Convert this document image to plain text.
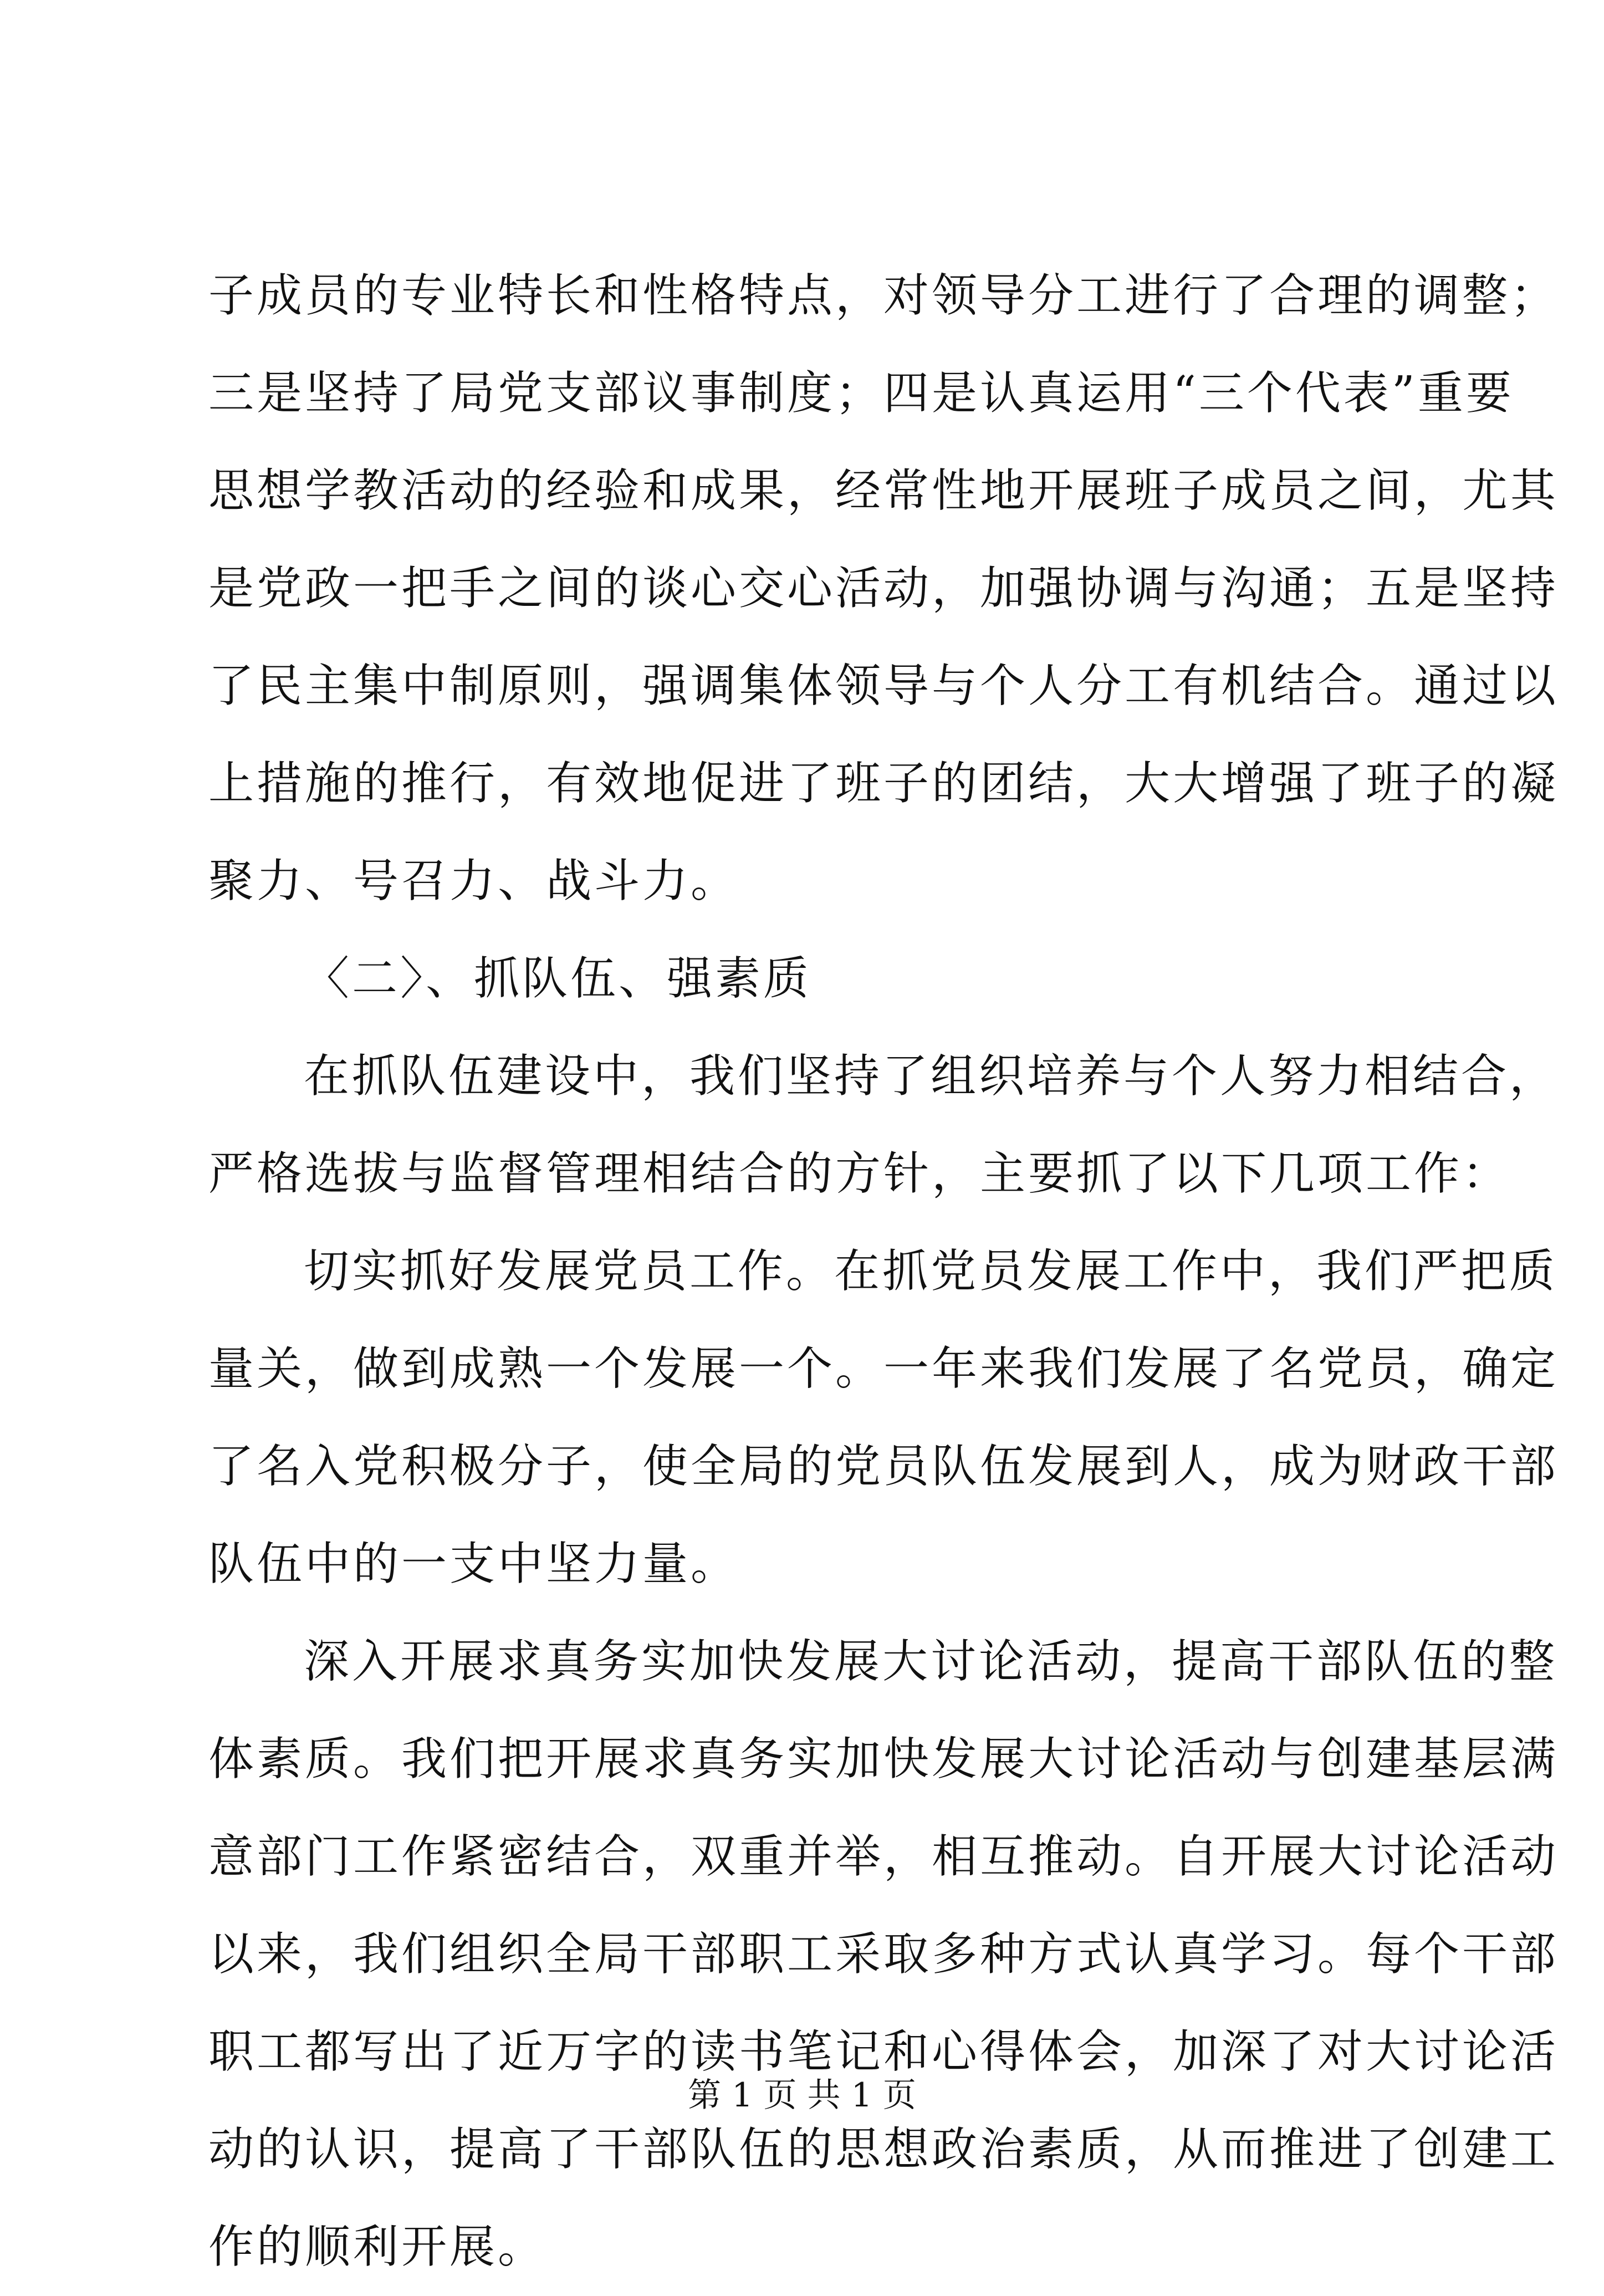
子成员的专业特长和性格特点，对领导分工进行了合理的调整；
三是坚持了局党支部议事制度；四是认真运用“三个代表”重要
思想学教活动的经验和成果，经常性地开展班子成员之间，尤其
是党政一把手之间的谈心交心活动，加强协调与沟通；五是坚持
了民主集中制原则，强调集体领导与个人分工有机结合。通过以
上措施的推行，有效地促进了班子的团结，大大增强了班子的凝
聚力、号召力、战斗力。
〈二〉、抓队伍、强素质
在抓队伍建设中，我们坚持了组织培养与个人努力相结合，
严格选拔与监督管理相结合的方针，主要抓了以下几项工作：
切实抓好发展党员工作。在抓党员发展工作中，我们严把质
量关，做到成熟一个发展一个。一年来我们发展了名党员，确定
了名入党积极分子，使全局的党员队伍发展到人，成为财政干部
队伍中的一支中坚力量。
深入开展求真务实加快发展大讨论活动，提高干部队伍的整
体素质。我们把开展求真务实加快发展大讨论活动与创建基层满
意部门工作紧密结合，双重并举，相互推动。自开展大讨论活动
以来，我们组织全局干部职工采取多种方式认真学习。每个干部
职工都写出了近万字的读书笔记和心得体会，加深了对大讨论活
动的认识，提高了干部队伍的思想政治素质，从而推进了创建工
作的顺利开展。
第 1 页 共 1 页
